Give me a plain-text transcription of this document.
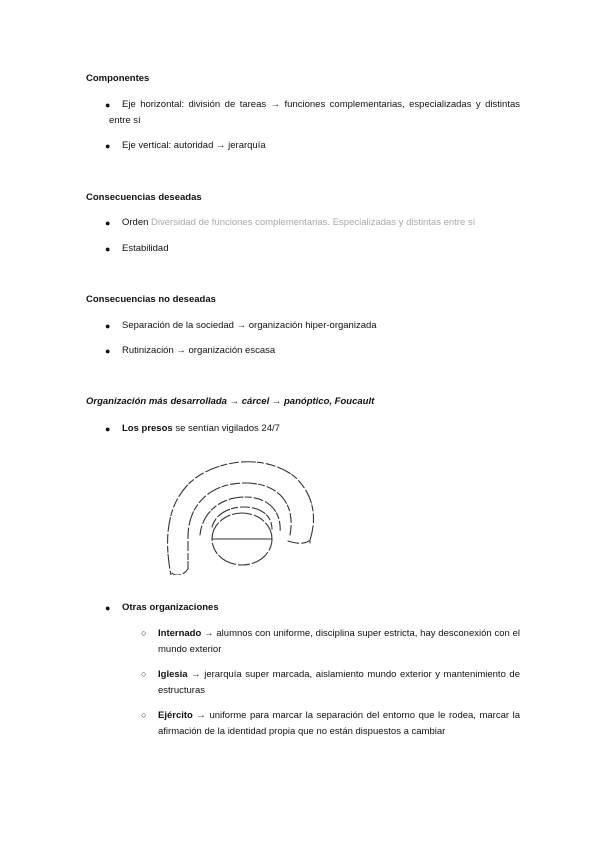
Componentes
●	Eje horizontal: división de tareas → funciones complementarias, especializadas y distintas entre sí
● Eje vertical: autoridad → jerarquía
Consecuencias deseadas
● Orden Diversidad de funciones complementarias. Especializadas y distintas entre sí
● Estabilidad
Consecuencias no deseadas
● Separación de la sociedad → organización hiper-organizada
● Rutinización → organización escasa
Organización más desarrollada → cárcel → panóptico, Foucault
● Los presos se sentían vigilados 24/7
● Otras organizaciones
○ Internado → alumnos con uniforme, disciplina super estricta, hay desconexión con el mundo exterior
○ Iglesia → jerarquía super marcada, aislamiento mundo exterior y mantenimiento de estructuras
○ Ejército → uniforme para marcar la separación del entorno que le rodea, marcar la afirmación de la identidad propia que no están dispuestos a cambiar
